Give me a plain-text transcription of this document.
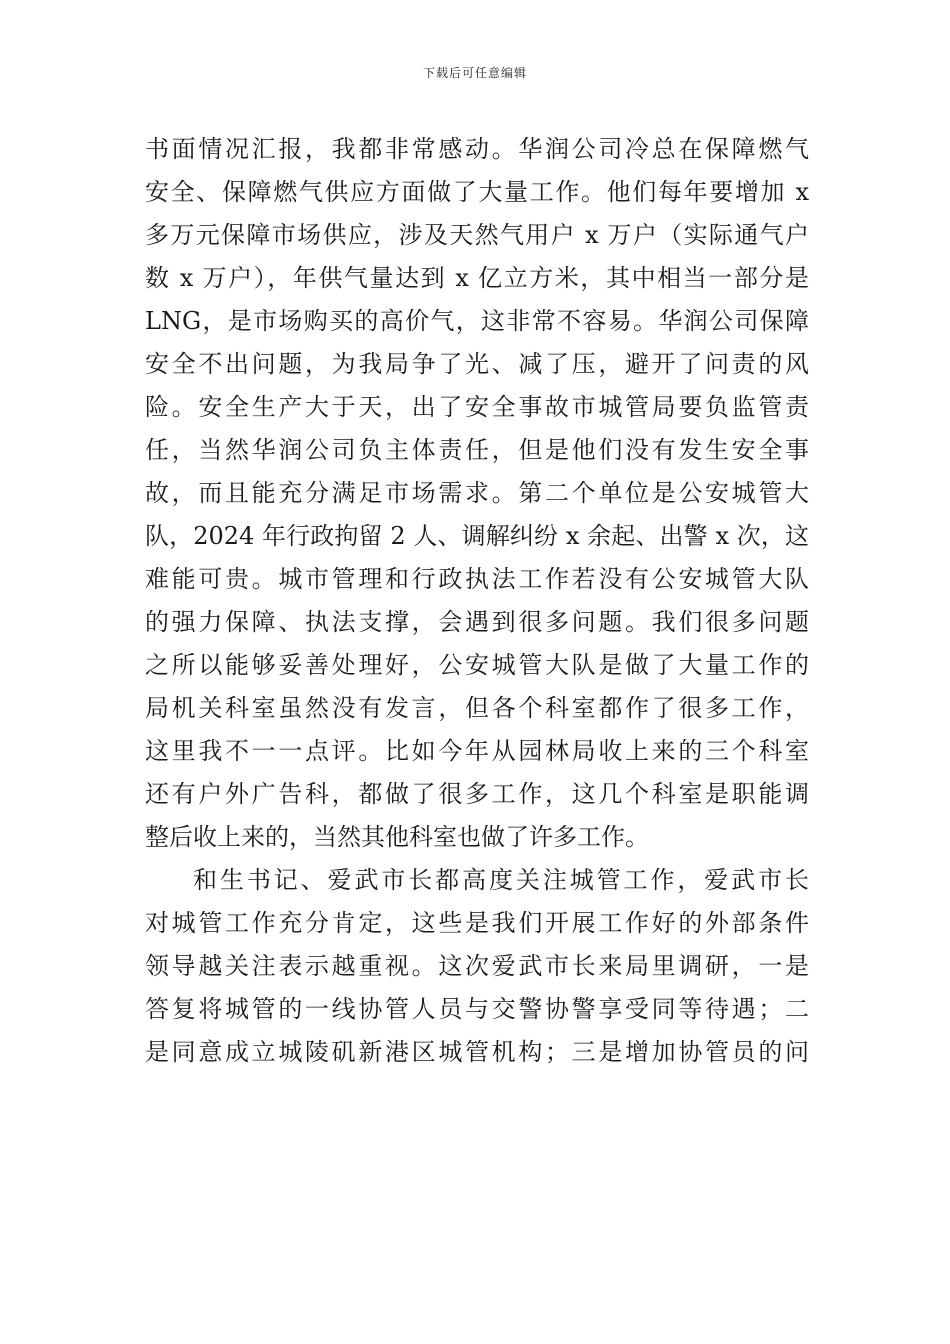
下载后可任意编辑
书面情况汇报，我都非常感动。华润公司冷总在保障燃气
安全、保障燃气供应方面做了大量工作。他们每年要增加 x
多万元保障市场供应，涉及天然气用户 x 万户（实际通气户
数 x 万户），年供气量达到 x 亿立方米，其中相当一部分是
LNG，是市场购买的高价气，这非常不容易。华润公司保障
安全不出问题，为我局争了光、减了压，避开了问责的风
险。安全生产大于天，出了安全事故市城管局要负监管责
任，当然华润公司负主体责任，但是他们没有发生安全事
故，而且能充分满足市场需求。第二个单位是公安城管大
队，2024 年行政拘留 2 人、调解纠纷 x 余起、出警 x 次，这
难能可贵。城市管理和行政执法工作若没有公安城管大队
的强力保障、执法支撑，会遇到很多问题。我们很多问题
之所以能够妥善处理好，公安城管大队是做了大量工作的
局机关科室虽然没有发言，但各个科室都作了很多工作，
这里我不一一点评。比如今年从园林局收上来的三个科室
还有户外广告科，都做了很多工作，这几个科室是职能调
整后收上来的，当然其他科室也做了许多工作。
和生书记、爱武市长都高度关注城管工作，爱武市长
对城管工作充分肯定，这些是我们开展工作好的外部条件
领导越关注表示越重视。这次爱武市长来局里调研，一是
答复将城管的一线协管人员与交警协警享受同等待遇；二
是同意成立城陵矶新港区城管机构；三是增加协管员的问
